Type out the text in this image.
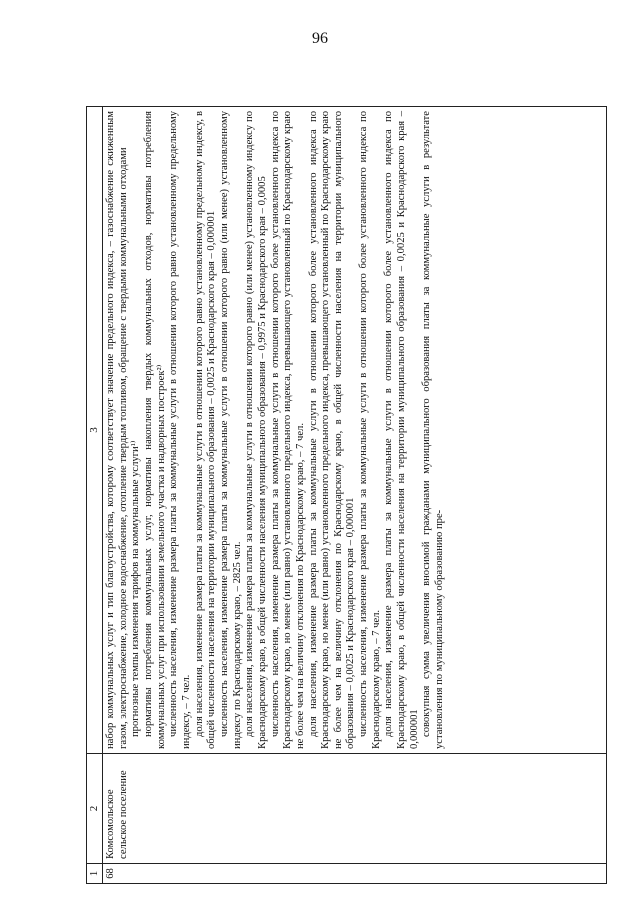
96
1
2
3
68
Комсомольское сельское поселение

набор коммунальных услуг и тип благоустройства, которому соответствует значение предельного индекса, – газоснабжение сжиженным газом, электроснабжение, холодное водоснабжение, отопление твердым топливом, обращение с твердыми коммунальными отходами прогнозные темпы изменения тарифов на коммунальные услуги¹⁾ нормативы потребления коммунальных услуг, нормативы накопления твердых коммунальных отходов, нормативы потребления коммунальных услуг при использовании земельного участка и надворных построек²⁾ численность населения, изменение размера платы за коммунальные услуги в отношении которого равно установленному предельному индексу, – 7 чел. доля населения, изменение размера платы за коммунальные услуги в отношении которого равно установленному предельному индексу, в общей численности населения на территории муниципального образования – 0,0025 и Краснодарского края – 0,000001 численность населения, изменение размера платы за коммунальные услуги в отношении которого равно (или менее) установленному индексу по Краснодарскому краю, – 2825 чел. доля населения, изменение размера платы за коммунальные услуги в отношении которого равно (или менее) установленному индексу по Краснодарскому краю, в общей численности населения муниципального образования – 0,9975 и Краснодарского края – 0,0005 численность населения, изменение размера платы за коммунальные услуги в отношении которого более установленного индекса по Краснодарскому краю, но менее (или равно) установленного предельного индекса, превышающего установленный по Краснодарскому краю не более чем на величину отклонения по Краснодарскому краю, – 7 чел. доля населения, изменение размера платы за коммунальные услуги в отношении которого более установленного индекса по Краснодарскому краю, но менее (или равно) установленного предельного индекса, превышающего установленный по Краснодарскому краю не более чем на величину отклонения по Краснодарскому краю, в общей численности населения на территории муниципального образования – 0,0025 и Краснодарского края – 0,000001 численность населения, изменение размера платы за коммунальные услуги в отношении которого более установленного индекса по Краснодарскому краю, – 7 чел. доля населения, изменение размера платы за коммунальные услуги в отношении которого более установленного индекса по Краснодарскому краю, в общей численности населения на территории муниципального образования – 0,0025 и Краснодарского края – 0,000001 совокупная сумма увеличения вносимой гражданами муниципального образования платы за коммунальные услуги в результате установления по муниципальному образованию пре-
